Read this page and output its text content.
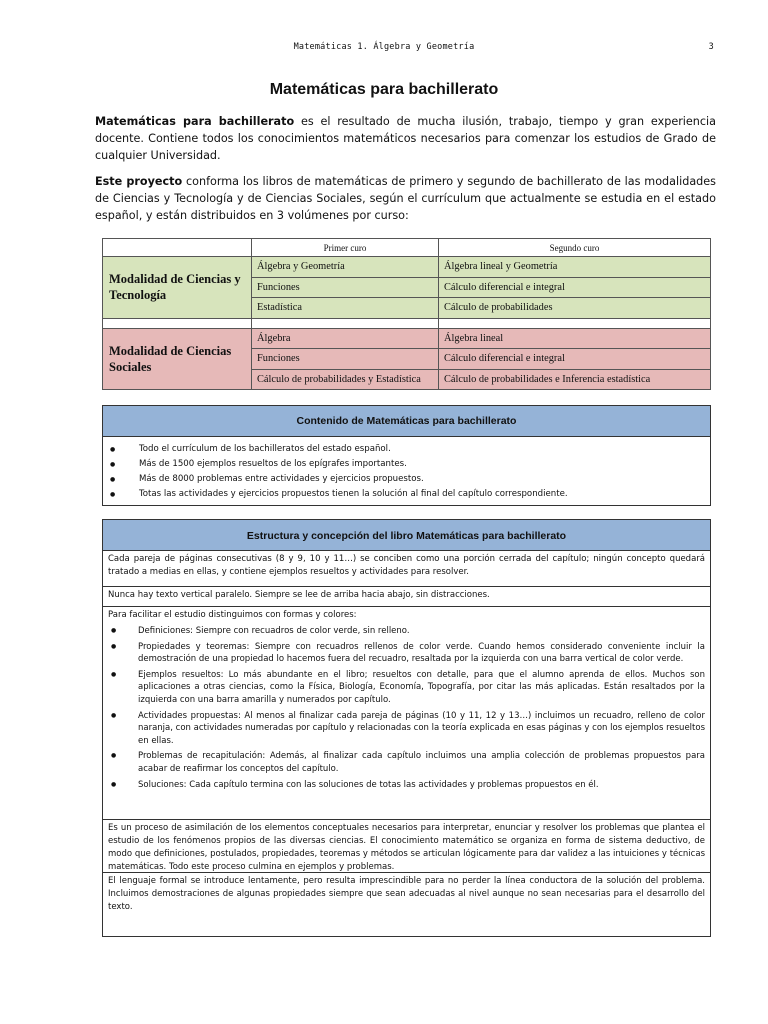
Matemáticas 1. Álgebra y Geometría	3
Matemáticas para bachillerato
Matemáticas para bachillerato es el resultado de mucha ilusión, trabajo, tiempo y gran experiencia docente. Contiene todos los conocimientos matemáticos necesarios para comenzar los estudios de Grado de cualquier Universidad.
Este proyecto conforma los libros de matemáticas de primero y segundo de bachillerato de las modalidades de Ciencias y Tecnología y de Ciencias Sociales, según el currículum que actualmente se estudia en el estado español, y están distribuidos en 3 volúmenes por curso:
	Primer curo	Segundo curo
Modalidad de Ciencias y Tecnología	Álgebra y Geometría	Álgebra lineal y Geometría
	Funciones	Cálculo diferencial e integral
	Estadística	Cálculo de probabilidades

Modalidad de Ciencias Sociales	Álgebra	Álgebra lineal
	Funciones	Cálculo diferencial e integral
	Cálculo de probabilidades y Estadística	Cálculo de probabilidades e Inferencia estadística
Contenido de Matemáticas para bachillerato
● Todo el currículum de los bachilleratos del estado español.
● Más de 1500 ejemplos resueltos de los epígrafes importantes.
● Más de 8000 problemas entre actividades y ejercicios propuestos.
● Totas las actividades y ejercicios propuestos tienen la solución al final del capítulo correspondiente.
Estructura y concepción del libro Matemáticas para bachillerato
Cada pareja de páginas consecutivas (8 y 9, 10 y 11…) se conciben como una porción cerrada del capítulo; ningún concepto quedará tratado a medias en ellas, y contiene ejemplos resueltos y actividades para resolver.
Nunca hay texto vertical paralelo. Siempre se lee de arriba hacia abajo, sin distracciones.
Para facilitar el estudio distinguimos con formas y colores:
● Definiciones: Siempre con recuadros de color verde, sin relleno.
● Propiedades y teoremas: Siempre con recuadros rellenos de color verde. Cuando hemos considerado conveniente incluir la demostración de una propiedad lo hacemos fuera del recuadro, resaltada por la izquierda con una barra vertical de color verde.
● Ejemplos resueltos: Lo más abundante en el libro; resueltos con detalle, para que el alumno aprenda de ellos. Muchos son aplicaciones a otras ciencias, como la Física, Biología, Economía, Topografía, por citar las más aplicadas. Están resaltados por la izquierda con una barra amarilla y numerados por capítulo.
● Actividades propuestas: Al menos al finalizar cada pareja de páginas (10 y 11, 12 y 13…) incluimos un recuadro, relleno de color naranja, con actividades numeradas por capítulo y relacionadas con la teoría explicada en esas páginas y con los ejemplos resueltos en ellas.
● Problemas de recapitulación: Además, al finalizar cada capítulo incluimos una amplia colección de problemas propuestos para acabar de reafirmar los conceptos del capítulo.
● Soluciones: Cada capítulo termina con las soluciones de totas las actividades y problemas propuestos en él.
Es un proceso de asimilación de los elementos conceptuales necesarios para interpretar, enunciar y resolver los problemas que plantea el estudio de los fenómenos propios de las diversas ciencias. El conocimiento matemático se organiza en forma de sistema deductivo, de modo que definiciones, postulados, propiedades, teoremas y métodos se articulan lógicamente para dar validez a las intuiciones y técnicas matemáticas. Todo este proceso culmina en ejemplos y problemas.
El lenguaje formal se introduce lentamente, pero resulta imprescindible para no perder la línea conductora de la solución del problema. Incluimos demostraciones de algunas propiedades siempre que sean adecuadas al nivel aunque no sean necesarias para el desarrollo del texto.
